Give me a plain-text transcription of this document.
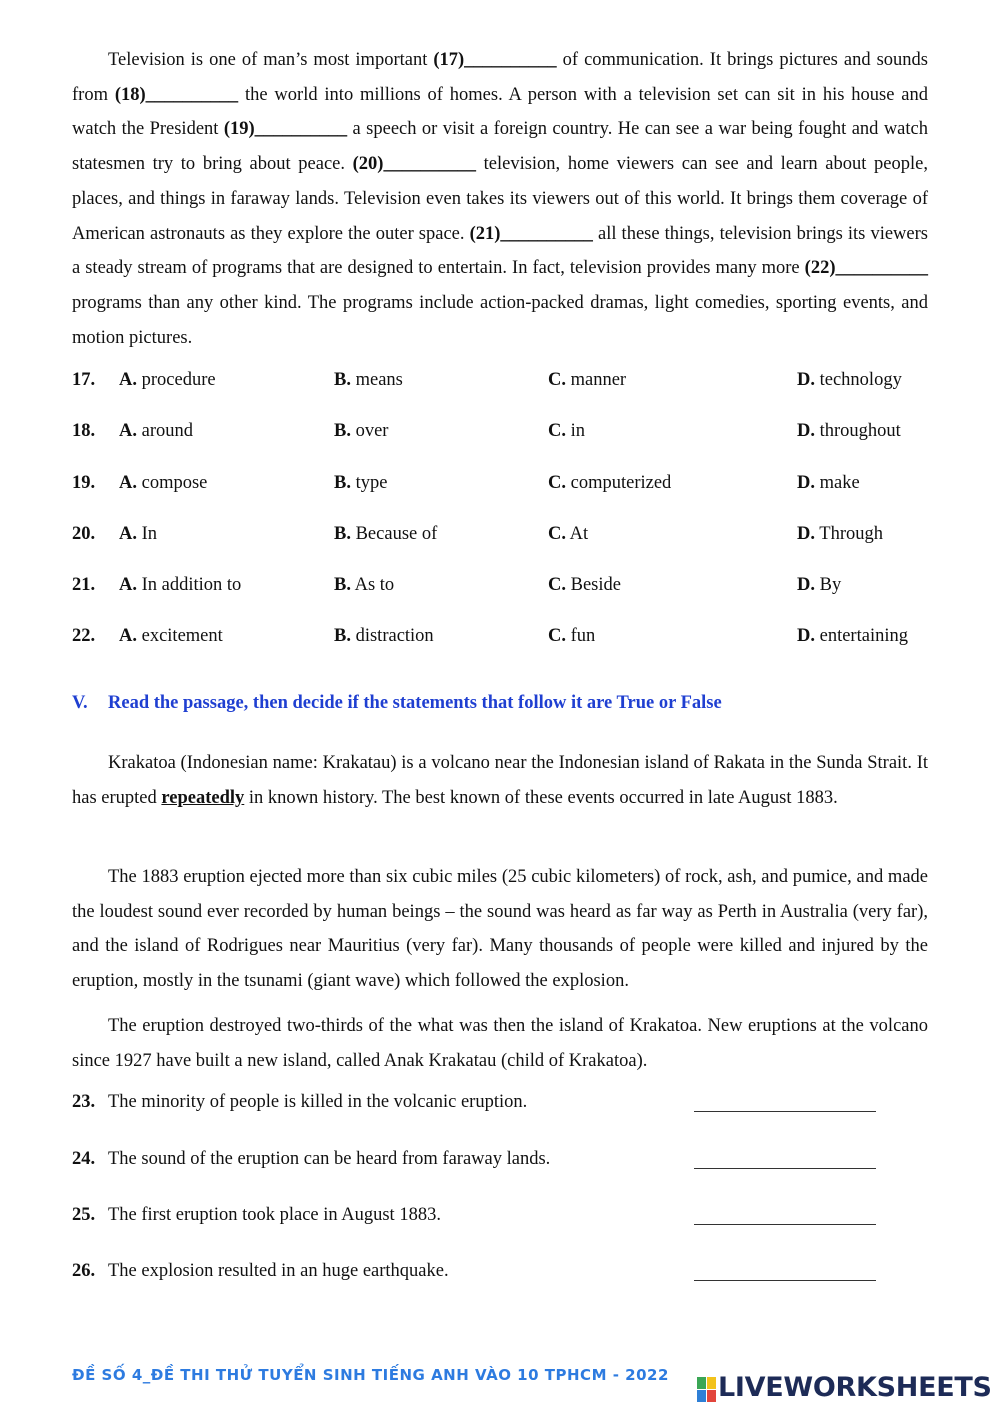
Television is one of man’s most important (17)__________ of communication. It brings pictures and sounds from (18)__________ the world into millions of homes. A person with a television set can sit in his house and watch the President (19)__________ a speech or visit a foreign country. He can see a war being fought and watch statesmen try to bring about peace. (20)__________ television, home viewers can see and learn about people, places, and things in faraway lands. Television even takes its viewers out of this world. It brings them coverage of American astronauts as they explore the outer space. (21)__________ all these things, television brings its viewers a steady stream of programs that are designed to entertain. In fact, television provides many more (22)__________ programs than any other kind. The programs include action-packed dramas, light comedies, sporting events, and motion pictures.

17. A. procedure	B. means	C. manner	D. technology
18. A. around	B. over	C. in	D. throughout
19. A. compose	B. type	C. computerized	D. make
20. A. In	B. Because of	C. At	D. Through
21. A. In addition to	B. As to	C. Beside	D. By
22. A. excitement	B. distraction	C. fun	D. entertaining
V. Read the passage, then decide if the statements that follow it are True or False

Krakatoa (Indonesian name: Krakatau) is a volcano near the Indonesian island of Rakata in the Sunda Strait. It has erupted repeatedly in known history. The best known of these events occurred in late August 1883.

The 1883 eruption ejected more than six cubic miles (25 cubic kilometers) of rock, ash, and pumice, and made the loudest sound ever recorded by human beings – the sound was heard as far way as Perth in Australia (very far), and the island of Rodrigues near Mauritius (very far). Many thousands of people were killed and injured by the eruption, mostly in the tsunami (giant wave) which followed the explosion.

The eruption destroyed two-thirds of the what was then the island of Krakatoa. New eruptions at the volcano since 1927 have built a new island, called Anak Krakatau (child of Krakatoa).

23. The minority of people is killed in the volcanic eruption.
24. The sound of the eruption can be heard from faraway lands.
25. The first eruption took place in August 1883.
26. The explosion resulted in an huge earthquake.
ĐỀ SỐ 4_ĐỀ THI THỬ TUYỂN SINH TIẾNG ANH VÀO 10 TPHCM - 2022 LIVEWORKSHEETS
